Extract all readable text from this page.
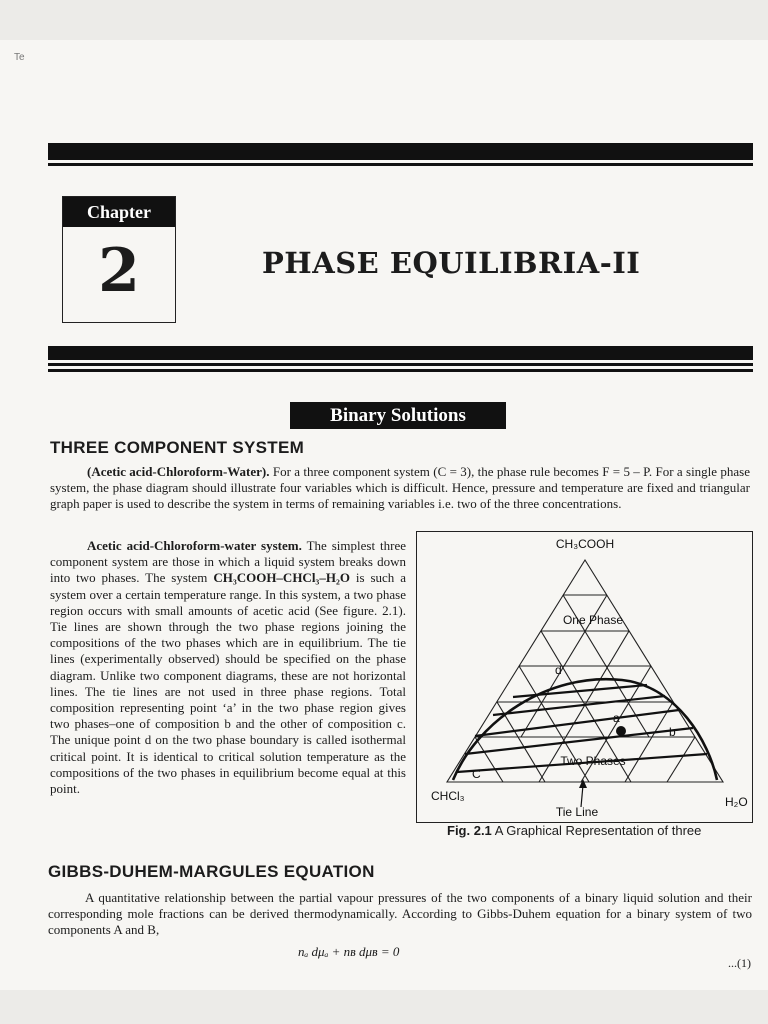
Te
Chapter
2	PHASE EQUILIBRIA-II
Binary Solutions
THREE COMPONENT SYSTEM

(Acetic acid-Chloroform-Water). For a three component system (C = 3), the phase rule becomes F = 5 – P. For a single phase system, the phase diagram should illustrate four variables which is difficult. Hence, pressure and temperature are fixed and triangular graph paper is used to describe the system in terms of remaining variables i.e. two of the three concentrations.

Acetic acid-Chloroform-water system. The simplest three component system are those in which a liquid system breaks down into two phases. The system CH₃COOH–CHCl₃–H₂O is such a system over a certain temperature range. In this system, a two phase region occurs with small amounts of acetic acid (See figure. 2.1). Tie lines are shown through the two phase regions joining the compositions of the two phases which are in equilibrium. The tie lines (experimentally observed) should be specified on the phase diagram. Unlike two component diagrams, these are not horizontal lines. The tie lines are not used in three phase regions. Total composition representing point ‘a’ in the two phase region gives two phases–one of composition b and the other of composition c. The unique point d on the two phase boundary is called isothermal critical point. It is identical to critical solution temperature as the compositions of the two phases in equilibrium become equal at this point.

CH₃COOH
CHCl₃	H₂O
One Phase
Two Phases
Tie Line
a
b
C
d
Fig. 2.1 A Graphical Representation of three
GIBBS-DUHEM-MARGULES EQUATION

A quantitative relationship between the partial vapour pressures of the two components of a binary liquid solution and their corresponding mole fractions can be derived thermodynamically. According to Gibbs-Duhem equation for a binary system of two components A and B,

nₐ dμₐ + nʙ dμʙ = 0
...(1)
